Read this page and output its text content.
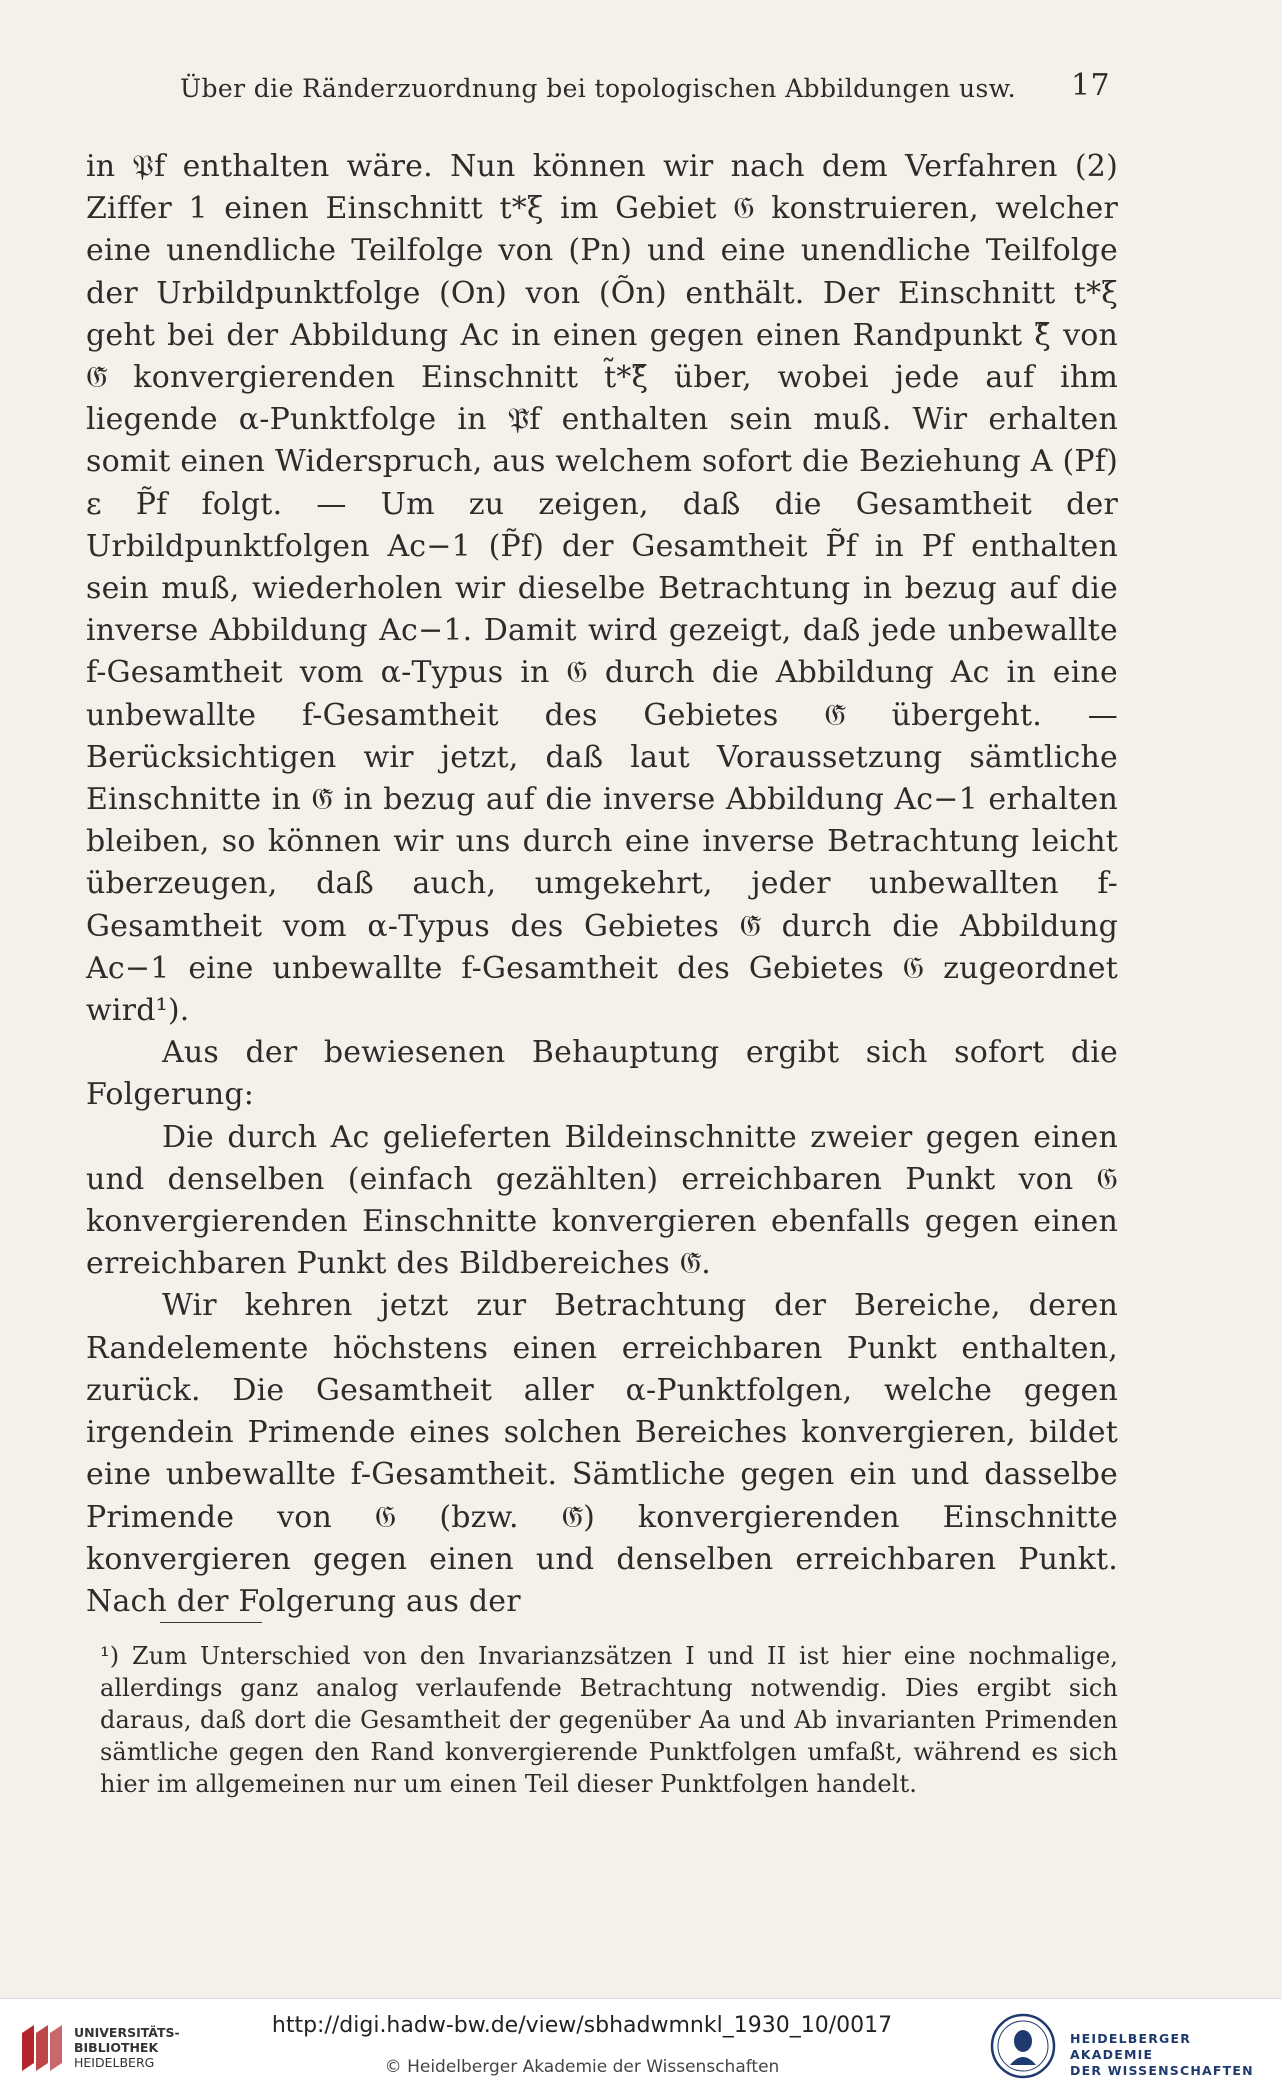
Über die Ränderzuordnung bei topologischen Abbildungen usw. 17

in 𝔓f enthalten wäre. Nun können wir nach dem Verfahren (2) Ziffer 1 einen Einschnitt t*ξ im Gebiet 𝔊 konstruieren, welcher eine unendliche Teilfolge von (Pn) und eine unendliche Teilfolge der Urbildpunktfolge (On) von (Õn) enthält. Der Einschnitt t*ξ geht bei der Abbildung Ac in einen gegen einen Randpunkt ξ̃ von 𝔊̃ konvergierenden Einschnitt t̃*ξ̃ über, wobei jede auf ihm liegende α-Punktfolge in 𝔓̃f enthalten sein muß. Wir erhalten somit einen Widerspruch, aus welchem sofort die Beziehung A (Pf) ε P̃f folgt. — Um zu zeigen, daß die Gesamtheit der Urbildpunktfolgen Ac−1 (P̃f) der Gesamtheit P̃f in Pf enthalten sein muß, wiederholen wir dieselbe Betrachtung in bezug auf die inverse Abbildung Ac−1. Damit wird gezeigt, daß jede unbewallte f-Gesamtheit vom α-Typus in 𝔊 durch die Abbildung Ac in eine unbewallte f-Gesamtheit des Gebietes 𝔊̃ übergeht. — Berücksichtigen wir jetzt, daß laut Voraussetzung sämtliche Einschnitte in 𝔊̃ in bezug auf die inverse Abbildung Ac−1 erhalten bleiben, so können wir uns durch eine inverse Betrachtung leicht überzeugen, daß auch, umgekehrt, jeder unbewallten f-Gesamtheit vom α-Typus des Gebietes 𝔊̃ durch die Abbildung Ac−1 eine unbewallte f-Gesamtheit des Gebietes 𝔊 zugeordnet wird¹).

Aus der bewiesenen Behauptung ergibt sich sofort die Folgerung:

Die durch Ac gelieferten Bildeinschnitte zweier gegen einen und denselben (einfach gezählten) erreichbaren Punkt von 𝔊 konvergierenden Einschnitte konvergieren ebenfalls gegen einen erreichbaren Punkt des Bildbereiches 𝔊̃.

Wir kehren jetzt zur Betrachtung der Bereiche, deren Randelemente höchstens einen erreichbaren Punkt enthalten, zurück. Die Gesamtheit aller α-Punktfolgen, welche gegen irgendein Primende eines solchen Bereiches konvergieren, bildet eine unbewallte f-Gesamtheit. Sämtliche gegen ein und dasselbe Primende von 𝔊 (bzw. 𝔊̃) konvergierenden Einschnitte konvergieren gegen einen und denselben erreichbaren Punkt. Nach der Folgerung aus der

¹) Zum Unterschied von den Invarianzsätzen I und II ist hier eine nochmalige, allerdings ganz analog verlaufende Betrachtung notwendig. Dies ergibt sich daraus, daß dort die Gesamtheit der gegenüber Aa und Ab invarianten Primenden sämtliche gegen den Rand konvergierende Punktfolgen umfaßt, während es sich hier im allgemeinen nur um einen Teil dieser Punktfolgen handelt.
UNIVERSITÄTS-
BIBLIOTHEK
HEIDELBERG
http://digi.hadw-bw.de/view/sbhadwmnkl_1930_10/0017
© Heidelberger Akademie der Wissenschaften
HEIDELBERGER AKADEMIE
DER WISSENSCHAFTEN
